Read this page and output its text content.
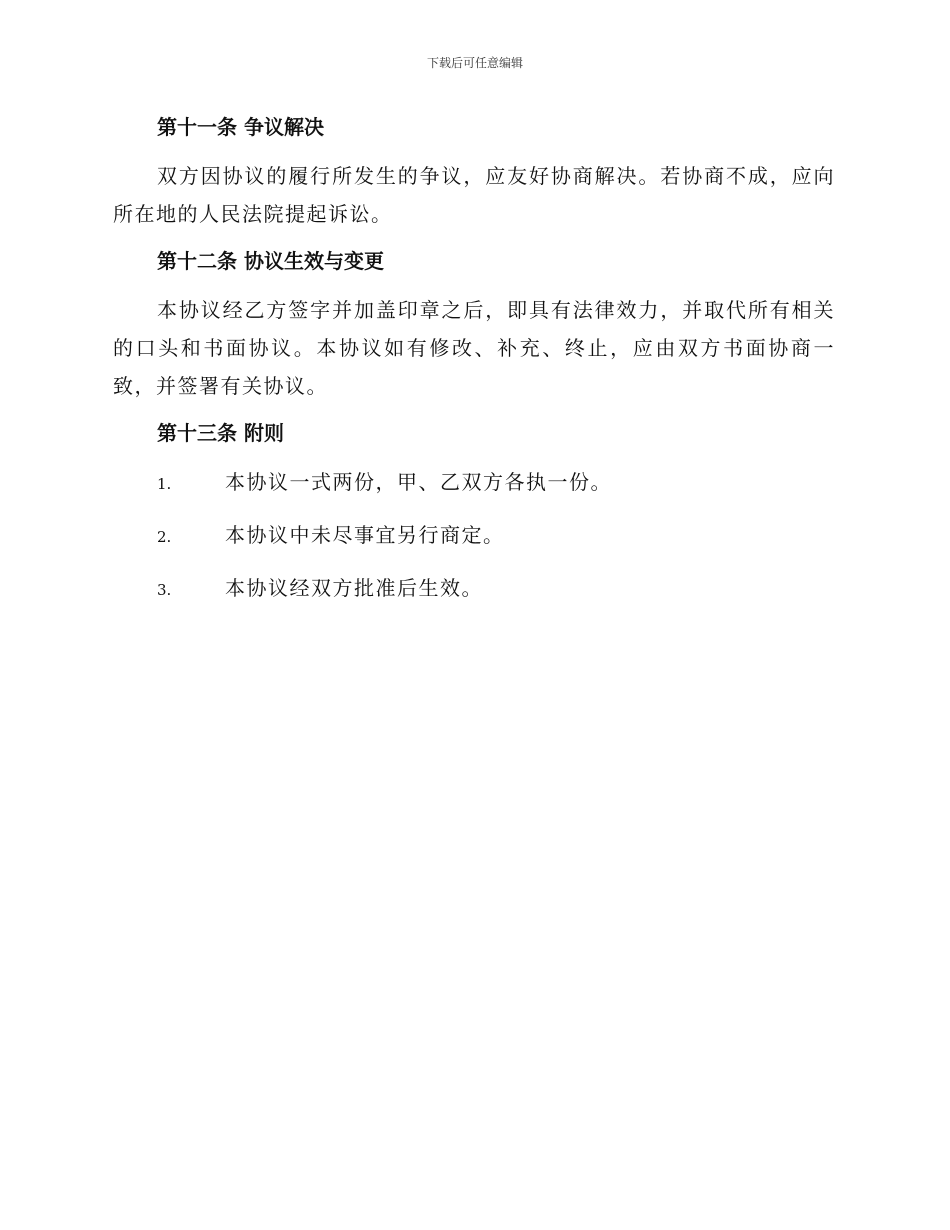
下载后可任意编辑
第十一条 争议解决

双方因协议的履行所发生的争议，应友好协商解决。若协商不成，应向所在地的人民法院提起诉讼。

第十二条 协议生效与变更

本协议经乙方签字并加盖印章之后，即具有法律效力，并取代所有相关的口头和书面协议。本协议如有修改、补充、终止，应由双方书面协商一致，并签署有关协议。

第十三条 附则
1.	本协议一式两份，甲、乙双方各执一份。
2.	本协议中未尽事宜另行商定。
3.	本协议经双方批准后生效。
